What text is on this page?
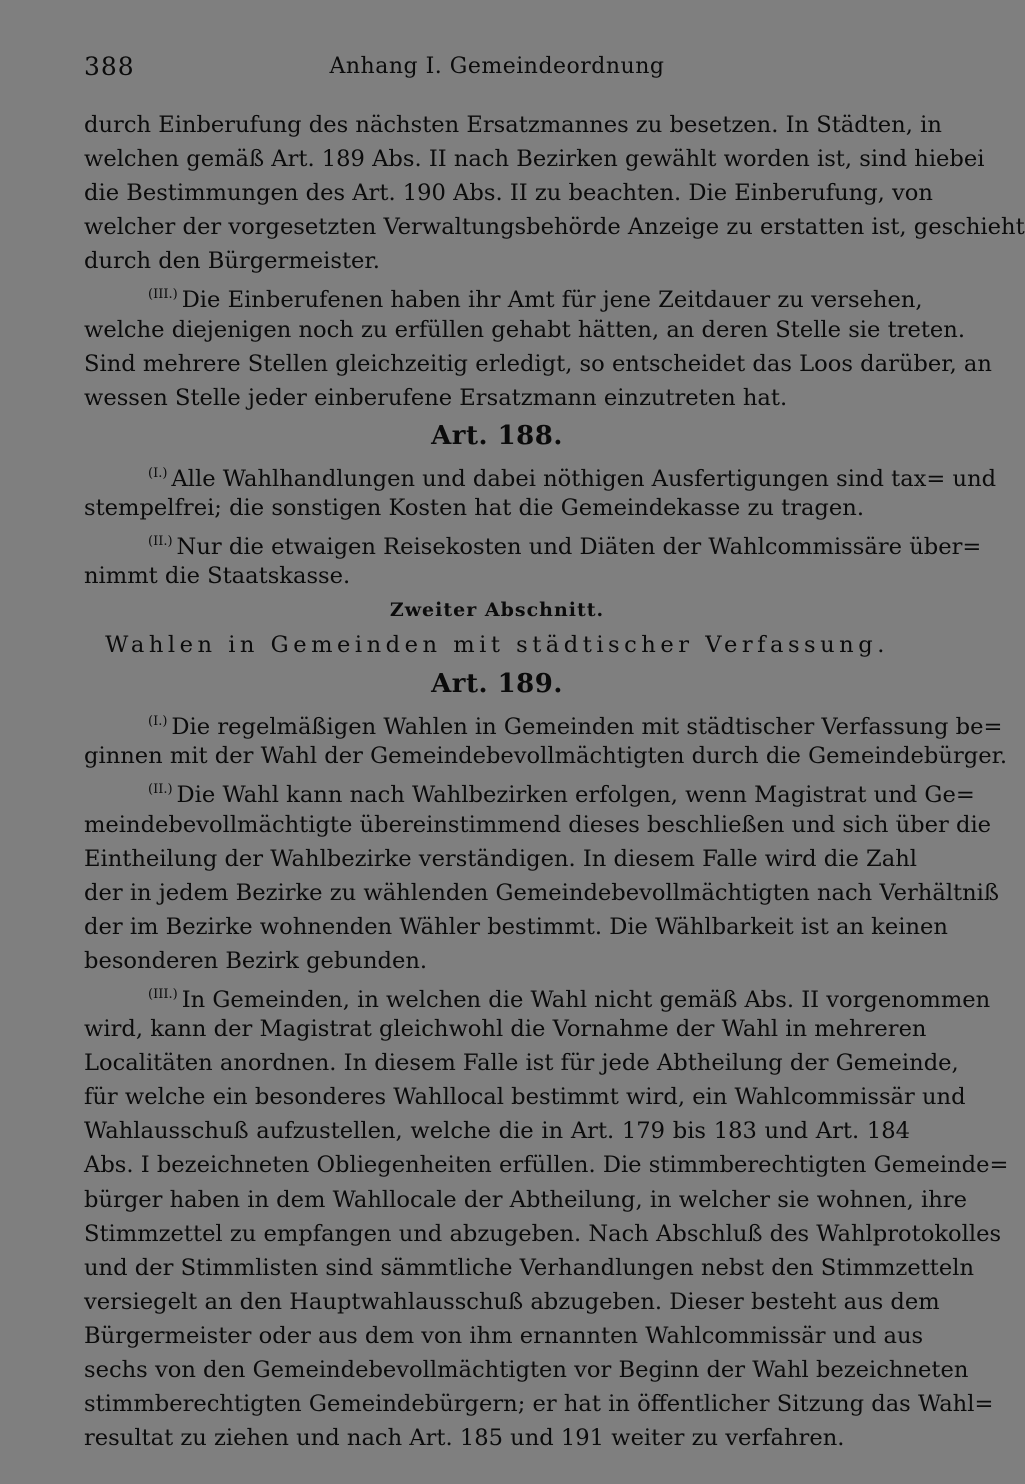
388	Anhang I. Gemeindeordnung
durch Einberufung des nächsten Ersatzmannes zu besetzen. In Städten, in
welchen gemäß Art. 189 Abs. II nach Bezirken gewählt worden ist, sind hiebei
die Bestimmungen des Art. 190 Abs. II zu beachten. Die Einberufung, von
welcher der vorgesetzten Verwaltungsbehörde Anzeige zu erstatten ist, geschieht
durch den Bürgermeister.
$^{(III.)}$ Die Einberufenen haben ihr Amt für jene Zeitdauer zu versehen,
welche diejenigen noch zu erfüllen gehabt hätten, an deren Stelle sie treten.
Sind mehrere Stellen gleichzeitig erledigt, so entscheidet das Loos darüber, an
wessen Stelle jeder einberufene Ersatzmann einzutreten hat.
Art. 188.
$^{(I.)}$ Alle Wahlhandlungen und dabei nöthigen Ausfertigungen sind tax= und
stempelfrei; die sonstigen Kosten hat die Gemeindekasse zu tragen.
$^{(II.)}$ Nur die etwaigen Reisekosten und Diäten der Wahlcommissäre über=
nimmt die Staatskasse.
Zweiter Abschnitt.
Wahlen in Gemeinden mit städtischer Verfassung.
Art. 189.
$^{(I.)}$ Die regelmäßigen Wahlen in Gemeinden mit städtischer Verfassung be=
ginnen mit der Wahl der Gemeindebevollmächtigten durch die Gemeindebürger.
$^{(II.)}$ Die Wahl kann nach Wahlbezirken erfolgen, wenn Magistrat und Ge=
meindebevollmächtigte übereinstimmend dieses beschließen und sich über die
Eintheilung der Wahlbezirke verständigen. In diesem Falle wird die Zahl
der in jedem Bezirke zu wählenden Gemeindebevollmächtigten nach Verhältniß
der im Bezirke wohnenden Wähler bestimmt. Die Wählbarkeit ist an keinen
besonderen Bezirk gebunden.
$^{(III.)}$ In Gemeinden, in welchen die Wahl nicht gemäß Abs. II vorgenommen
wird, kann der Magistrat gleichwohl die Vornahme der Wahl in mehreren
Localitäten anordnen. In diesem Falle ist für jede Abtheilung der Gemeinde,
für welche ein besonderes Wahllocal bestimmt wird, ein Wahlcommissär und
Wahlausschuß aufzustellen, welche die in Art. 179 bis 183 und Art. 184
Abs. I bezeichneten Obliegenheiten erfüllen. Die stimmberechtigten Gemeinde=
bürger haben in dem Wahllocale der Abtheilung, in welcher sie wohnen, ihre
Stimmzettel zu empfangen und abzugeben. Nach Abschluß des Wahlprotokolles
und der Stimmlisten sind sämmtliche Verhandlungen nebst den Stimmzetteln
versiegelt an den Hauptwahlausschuß abzugeben. Dieser besteht aus dem
Bürgermeister oder aus dem von ihm ernannten Wahlcommissär und aus
sechs von den Gemeindebevollmächtigten vor Beginn der Wahl bezeichneten
stimmberechtigten Gemeindebürgern; er hat in öffentlicher Sitzung das Wahl=
resultat zu ziehen und nach Art. 185 und 191 weiter zu verfahren.
